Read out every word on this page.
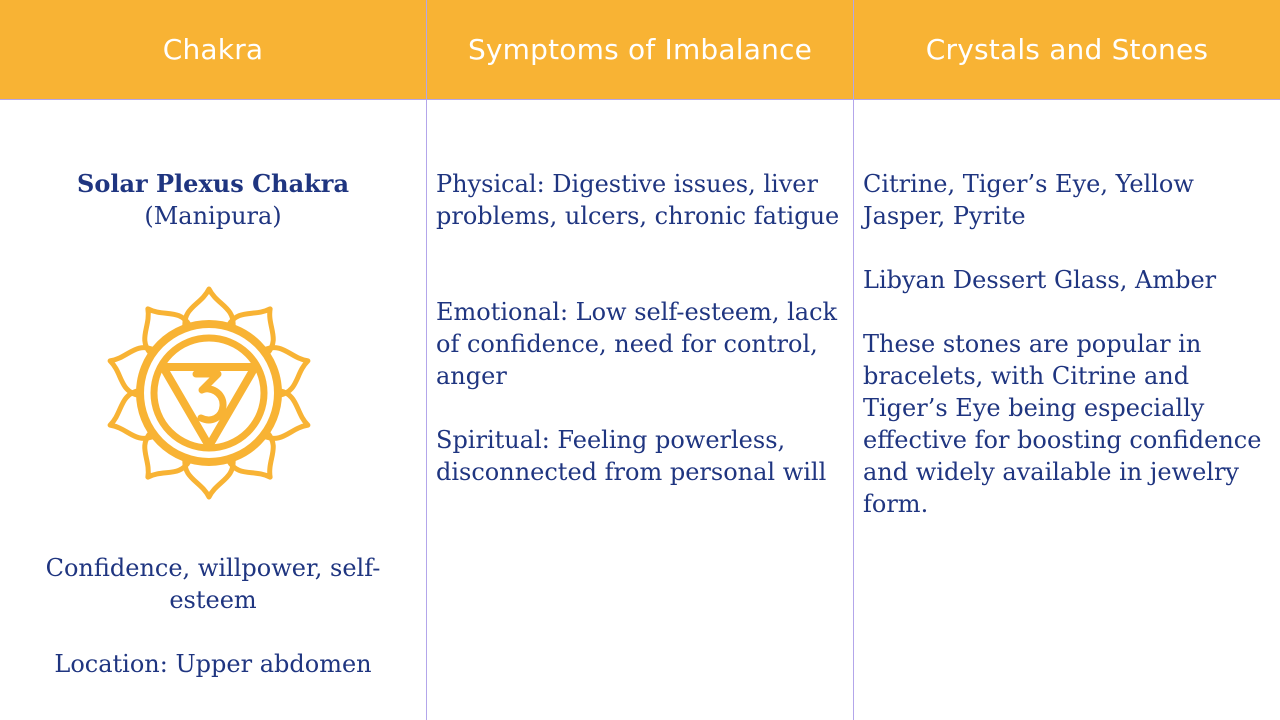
Chakra	Symptoms of Imbalance	Crystals and Stones
Solar Plexus Chakra
(Manipura)
Confidence, willpower, self-esteem
Location: Upper abdomen
Physical: Digestive issues, liver problems, ulcers, chronic fatigue
Emotional: Low self-esteem, lack of confidence, need for control, anger
Spiritual: Feeling powerless, disconnected from personal will
Citrine, Tiger’s Eye, Yellow Jasper, Pyrite
Libyan Dessert Glass, Amber
These stones are popular in bracelets, with Citrine and Tiger’s Eye being especially effective for boosting confidence and widely available in jewelry form.
